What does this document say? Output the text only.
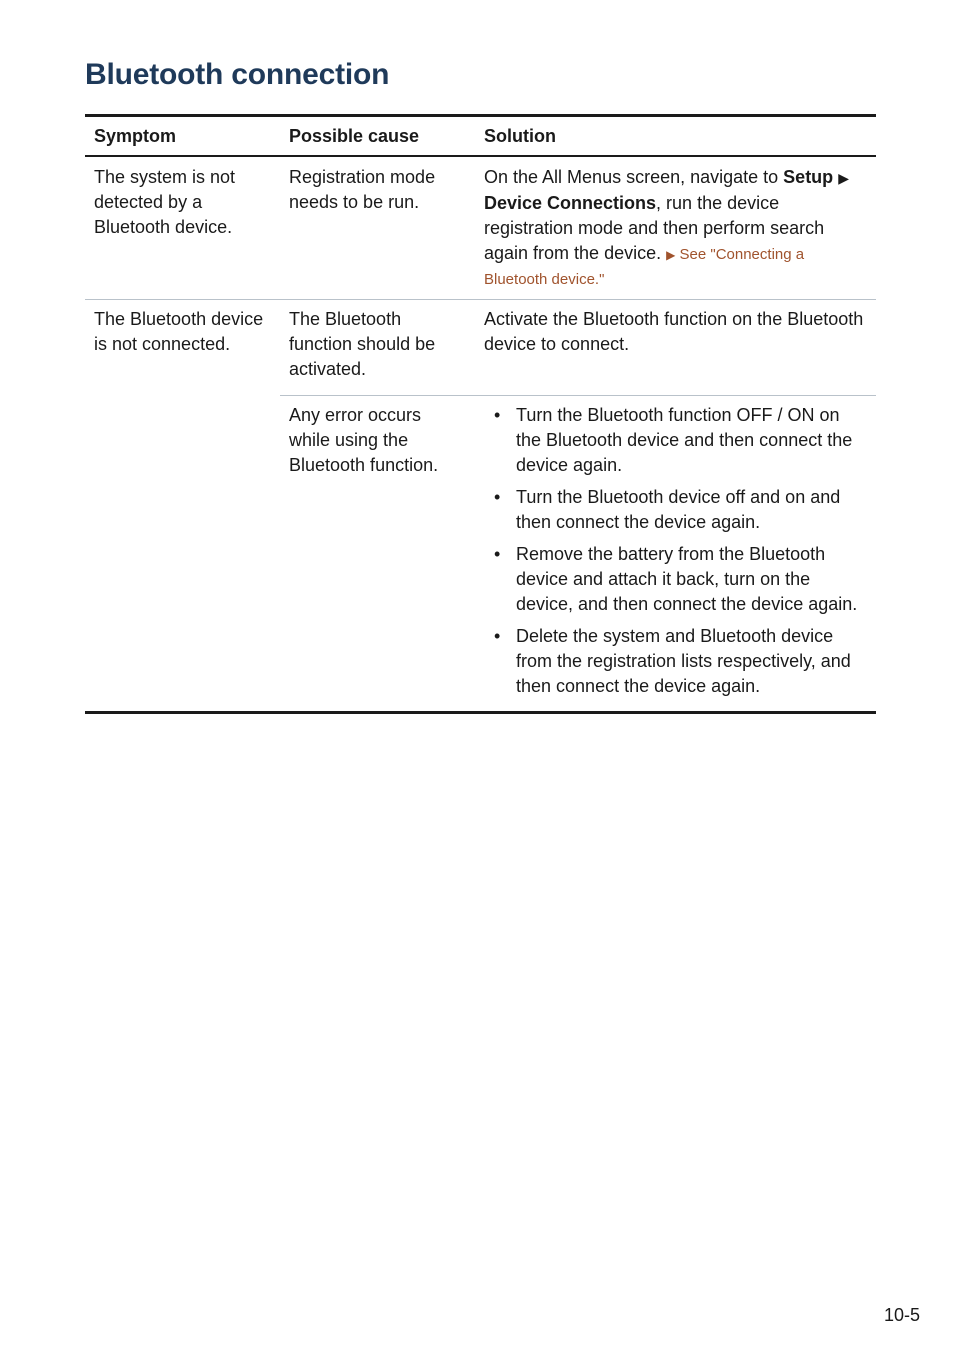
Bluetooth connection
Symptom	Possible cause	Solution
The system is not detected by a Bluetooth device.
Registration mode needs to be run.
On the All Menus screen, navigate to Setup ▶ Device Connections, run the device registration mode and then perform search again from the device. ▶ See "Connecting a Bluetooth device."
The Bluetooth device is not connected.
The Bluetooth function should be activated.
Activate the Bluetooth function on the Bluetooth device to connect.
Any error occurs while using the Bluetooth function.
• Turn the Bluetooth function OFF / ON on the Bluetooth device and then connect the device again.
• Turn the Bluetooth device off and on and then connect the device again.
• Remove the battery from the Bluetooth device and attach it back, turn on the device, and then connect the device again.
• Delete the system and Bluetooth device from the registration lists respectively, and then connect the device again.
10-5
